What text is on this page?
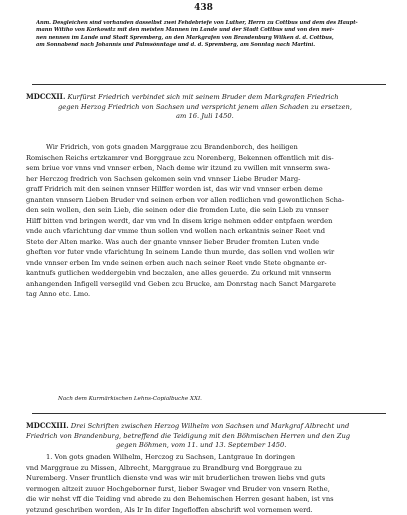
438
Anm. Desgleichen sind vorhanden dasselbst zwei Fehdebriefe von Luther, Herrn zu Cottbus und dem des Haupt-
mann Witiho von Korkowitz mit den meisten Mannen im Lande und der Stadt Cottbus und von den mei-
nen nennen im Lande und Stadt Spremberg, an den Markgrafen von Brandenburg Wilken d. d. Cottbus,
am Sonnabend nach Johannis und Palmsönntage und d. d. Spremberg, am Sonntag nach Martini.
MDCCXII. Kurfürst Friedrich verbindet sich mit seinem Bruder dem Markgrafen Friedrich
gegen Herzog Friedrich von Sachsen und verspricht jenem allen Schaden zu ersetzen,
am 16. Juli 1450.
Wir Fridrich, von gots gnaden Marggraue zcu Brandenborch, des heiligen
Romischen Reichs ertzkamrer vnd Borggraue zcu Norenberg, Bekennen offentlich mit dis-
sem briue vor vnns vnd vnnser erben, Nach deme wir itzund zu vwillen mit vnnserm swa-
her Herczog fredrich von Sachsen gekomen sein vnd vnnser Liebe Bruder Marg-
graff Fridrich mit den seinen vnnser Hilffer worden ist, das wir vnd vnnser erben deme
gnanten vnnsern Lieben Bruder vnd seinen erben vor allen redlichen vnd gewontlichen Scha-
den sein wollen, den sein Lieb, die seinen oder die fromden Lute, die sein Lieb zu vnnser
Hilff bitten vnd bringen werdt, dar vm vnd In disem krige nehmen edder entpfaen werden
vnde auch vfarichtung dar vmme thun sollen vnd wollen nach erkantnis seiner Reet vnd
Stete der Alten marke. Was auch der gnante vnnser lieber Bruder fromten Luten vnde
gheften vor futer vnde vfarichtung In seinem Lande thun murde, das sollen vnd wollen wir
vnde vnnser erben Im vnde seinen erben auch nach seiner Reet vnde Stete obgnante er-
kantnufs gutlichen weddergebin vnd beczalen, ane alles geuerde. Zu orkund mit vnnserm
anhangenden Infigell versegild vnd Geben zcu Brucke, am Donrstag nach Sanct Margarete
tag Anno etc. Lmo.
Nach dem Kurmärkischen Lehns-Copialbuche XXI.
MDCCXIII. Drei Schriften zwischen Herzog Wilhelm von Sachsen und Markgraf Albrecht und
Friedrich von Brandenburg, betreffend die Teidigung mit den Böhmischen Herren und den Zug
gegen Böhmen, vom 11. und 13. September 1450.
1. Von gots gnaden Wilhelm, Herczog zu Sachsen, Lantgraue In doringen
vnd Marggraue zu Missen, Albrecht, Marggraue zu Brandburg vnd Borggraue zu
Nuremberg. Vnser fruntlich dienste vnd was wir mit bruderlichen trewen liebs vnd guts
vermogen altzeit zuuor Hochgeborner furst, lieber Swager vnd Bruder von vnsern Rethe,
die wir nehst vff die Teiding vnd abrede zu den Behemischen Herren gesant haben, ist vns
yetzund geschriben worden, Als Ir In difer Ingefloffen abschrift wol vornemen werd.
